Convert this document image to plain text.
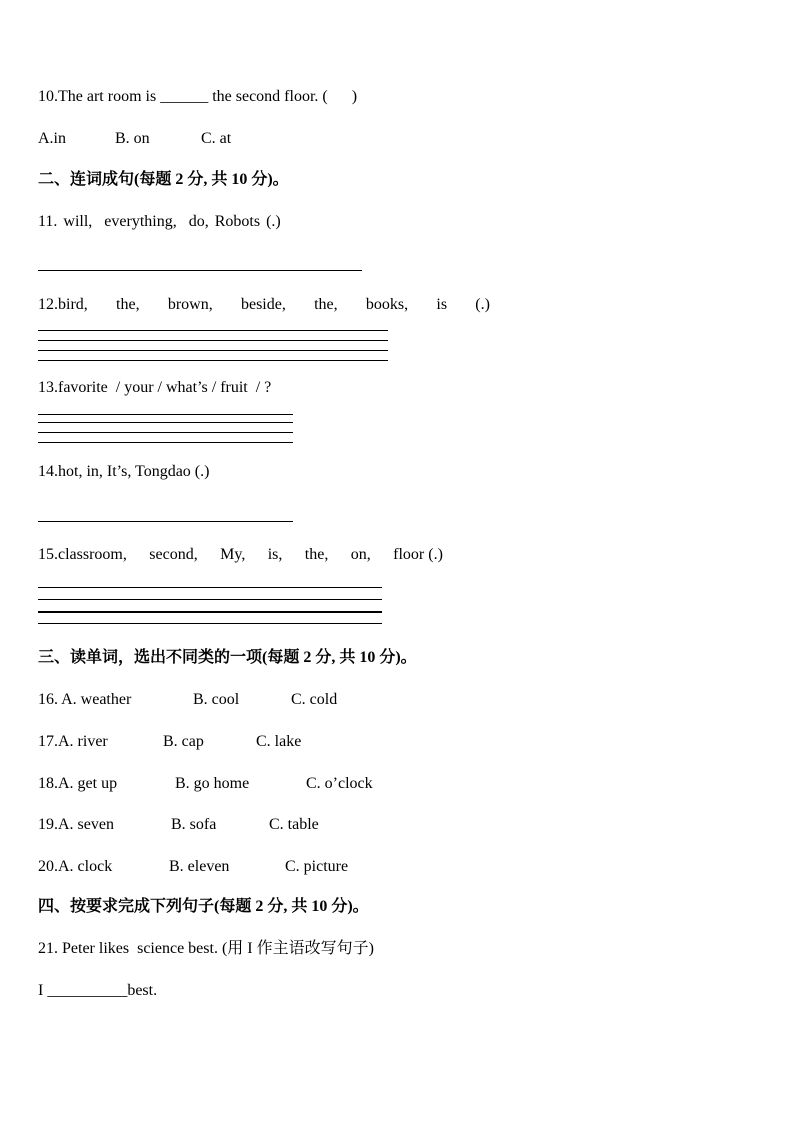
10.The art room is ______ the second floor. (      )
A.in	B. on	C. at
二、连词成句(每题 2 分, 共 10 分)。
11. will,  everything,  do, Robots (.)
12.bird, the, brown, beside, the, books, is (.)
13.favorite  / your / what’s / fruit  / ?
14.hot, in, It’s, Tongdao (.)
15.classroom, second, My, is, the, on, floor (.)
三、读单词，选出不同类的一项(每题 2 分, 共 10 分)。
16. A. weather	B. cool	C. cold
17.A. river	B. cap	C. lake
18.A. get up	B. go home	C. o’clock
19.A. seven	B. sofa	C. table
20.A. clock	B. eleven	C. picture
四、按要求完成下列句子(每题 2 分, 共 10 分)。
21. Peter likes  science best. (用 I 作主语改写句子)
I __________best.
